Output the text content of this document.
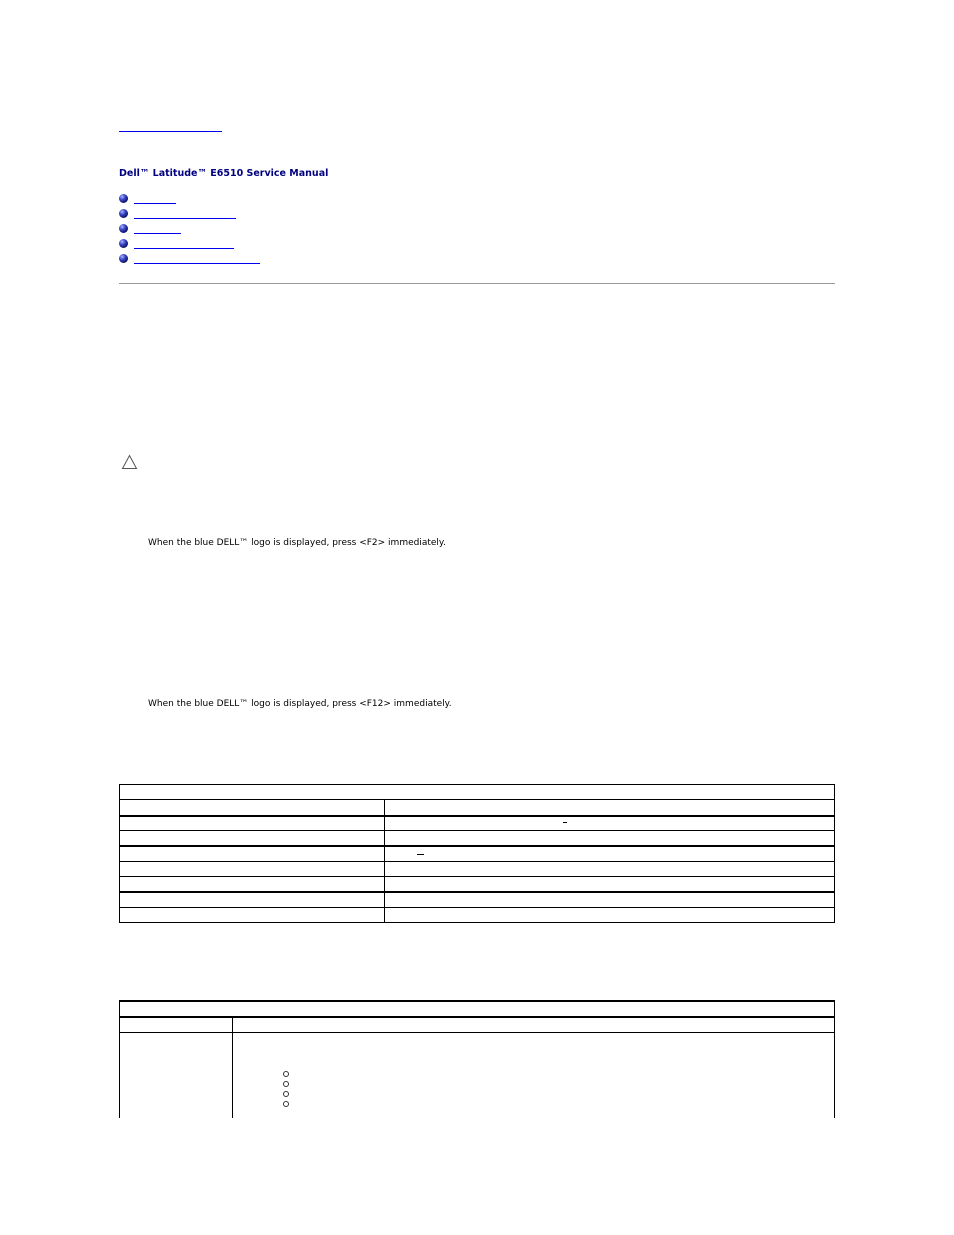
Dell™ Latitude™ E6510 Service Manual
When the blue DELL™ logo is displayed, press <F2> immediately.
When the blue DELL™ logo is displayed, press <F12> immediately.
